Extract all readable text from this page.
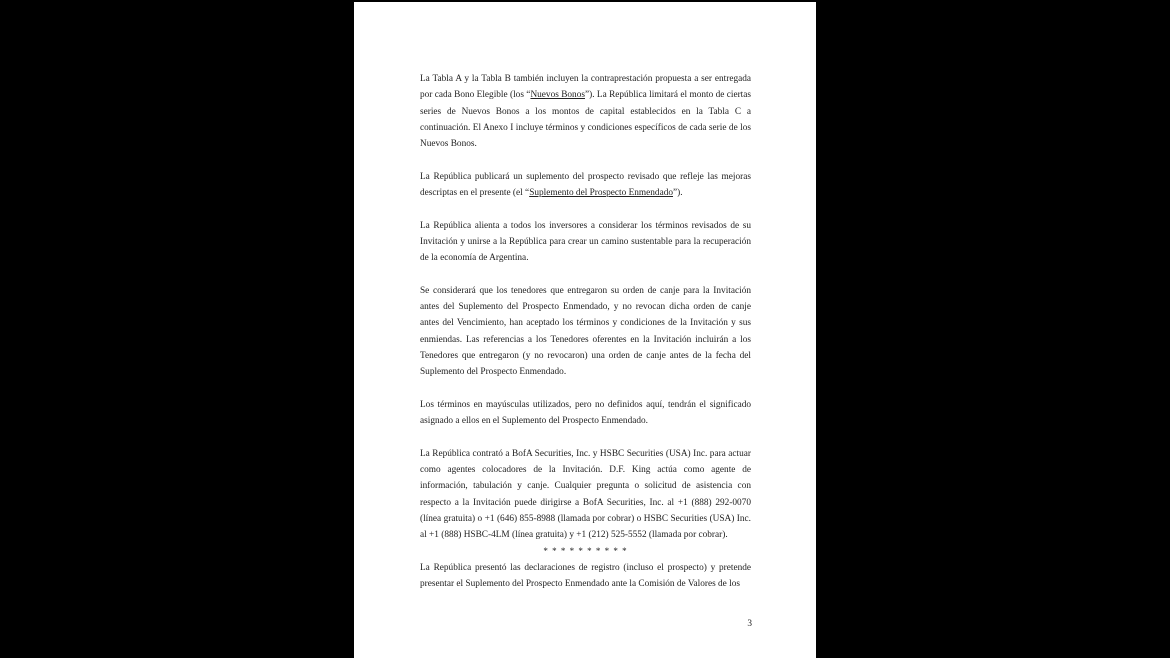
La Tabla A y la Tabla B también incluyen la contraprestación propuesta a ser entregada por cada Bono Elegible (los “Nuevos Bonos”). La República limitará el monto de ciertas series de Nuevos Bonos a los montos de capital establecidos en la Tabla C a continuación. El Anexo I incluye términos y condiciones específicos de cada serie de los Nuevos Bonos.

La República publicará un suplemento del prospecto revisado que refleje las mejoras descriptas en el presente (el “Suplemento del Prospecto Enmendado”).

La República alienta a todos los inversores a considerar los términos revisados de su Invitación y unirse a la República para crear un camino sustentable para la recuperación de la economía de Argentina.

Se considerará que los tenedores que entregaron su orden de canje para la Invitación antes del Suplemento del Prospecto Enmendado, y no revocan dicha orden de canje antes del Vencimiento, han aceptado los términos y condiciones de la Invitación y sus enmiendas. Las referencias a los Tenedores oferentes en la Invitación incluirán a los Tenedores que entregaron (y no revocaron) una orden de canje antes de la fecha del Suplemento del Prospecto Enmendado.

Los términos en mayúsculas utilizados, pero no definidos aquí, tendrán el significado asignado a ellos en el Suplemento del Prospecto Enmendado.

La República contrató a BofA Securities, Inc. y HSBC Securities (USA) Inc. para actuar como agentes colocadores de la Invitación. D.F. King actúa como agente de información, tabulación y canje. Cualquier pregunta o solicitud de asistencia con respecto a la Invitación puede dirigirse a BofA Securities, Inc. al +1 (888) 292-0070 (línea gratuita) o +1 (646) 855-8988 (llamada por cobrar) o HSBC Securities (USA) Inc. al +1 (888) HSBC-4LM (línea gratuita) y +1 (212) 525-5552 (llamada por cobrar).

* * * * * * * * * *

La República presentó las declaraciones de registro (incluso el prospecto) y pretende presentar el Suplemento del Prospecto Enmendado ante la Comisión de Valores de los

3
